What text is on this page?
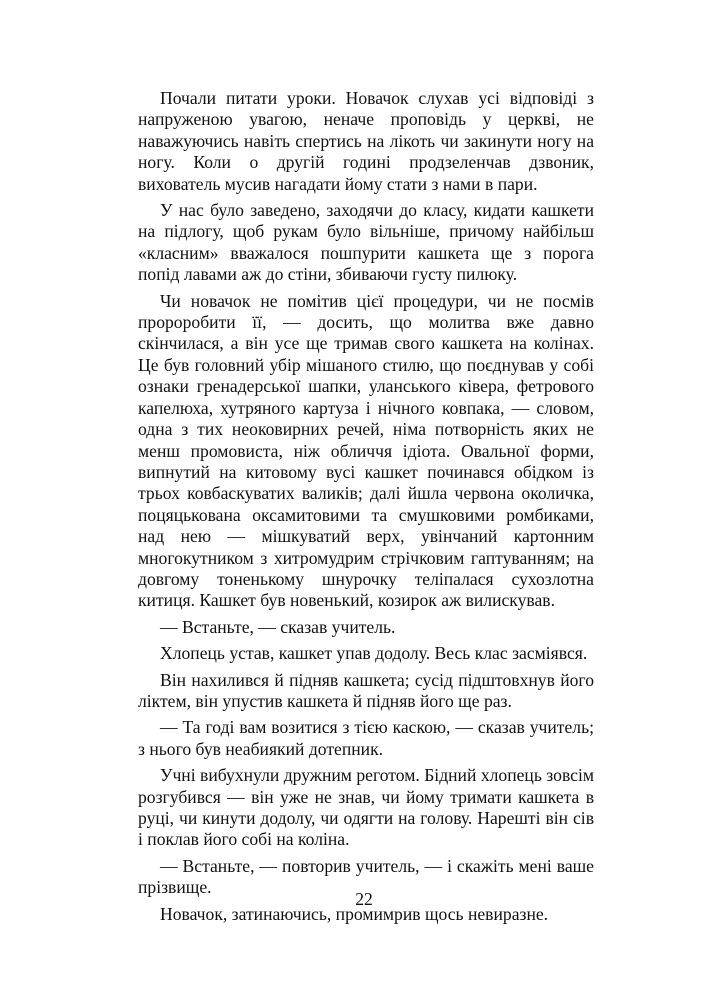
Почали питати уроки. Новачок слухав усі відповіді з напруженою увагою, неначе проповідь у церкві, не наважуючись навіть спертись на лікоть чи закинути ногу на ногу. Коли о другій годині продзеленчав дзвоник, вихователь мусив нагадати йому стати з нами в пари.

У нас було заведено, заходячи до класу, кидати кашкети на підлогу, щоб рукам було вільніше, причому найбільш «класним» вважалося пошпурити кашкета ще з порога попід лавами аж до стіни, збиваючи густу пилюку.

Чи новачок не помітив цієї процедури, чи не посмів пророробити її, — досить, що молитва вже давно скінчилася, а він усе ще тримав свого кашкета на колінах. Це був головний убір мішаного стилю, що поєднував у собі ознаки гренадерської шапки, уланського ківера, фетрового капелюха, хутряного картуза і нічного ковпака, — словом, одна з тих неоковирних речей, німа потворність яких не менш промовиста, ніж обличчя ідіота. Овальної форми, випнутий на китовому вусі кашкет починався обідком із трьох ковбаскуватих валиків; далі йшла червона околичка, поцяцькована оксамитовими та смушковими ромбиками, над нею — мішкуватий верх, увінчаний картонним многокутником з хитромудрим стрічковим гаптуванням; на довгому тоненькому шнурочку теліпалася сухозлотна китиця. Кашкет був новенький, козирок аж вилискував.

— Встаньте, — сказав учитель.

Хлопець устав, кашкет упав додолу. Весь клас засміявся.

Він нахилився й підняв кашкета; сусід підштовхнув його ліктем, він упустив кашкета й підняв його ще раз.

— Та годі вам возитися з тією каскою, — сказав учитель; з нього був неабиякий дотепник.

Учні вибухнули дружним реготом. Бідний хлопець зовсім розгубився — він уже не знав, чи йому тримати кашкета в руці, чи кинути додолу, чи одягти на голову. Нарешті він сів і поклав його собі на коліна.

— Встаньте, — повторив учитель, — і скажіть мені ваше прізвище.

Новачок, затинаючись, промимрив щось невиразне.

22
